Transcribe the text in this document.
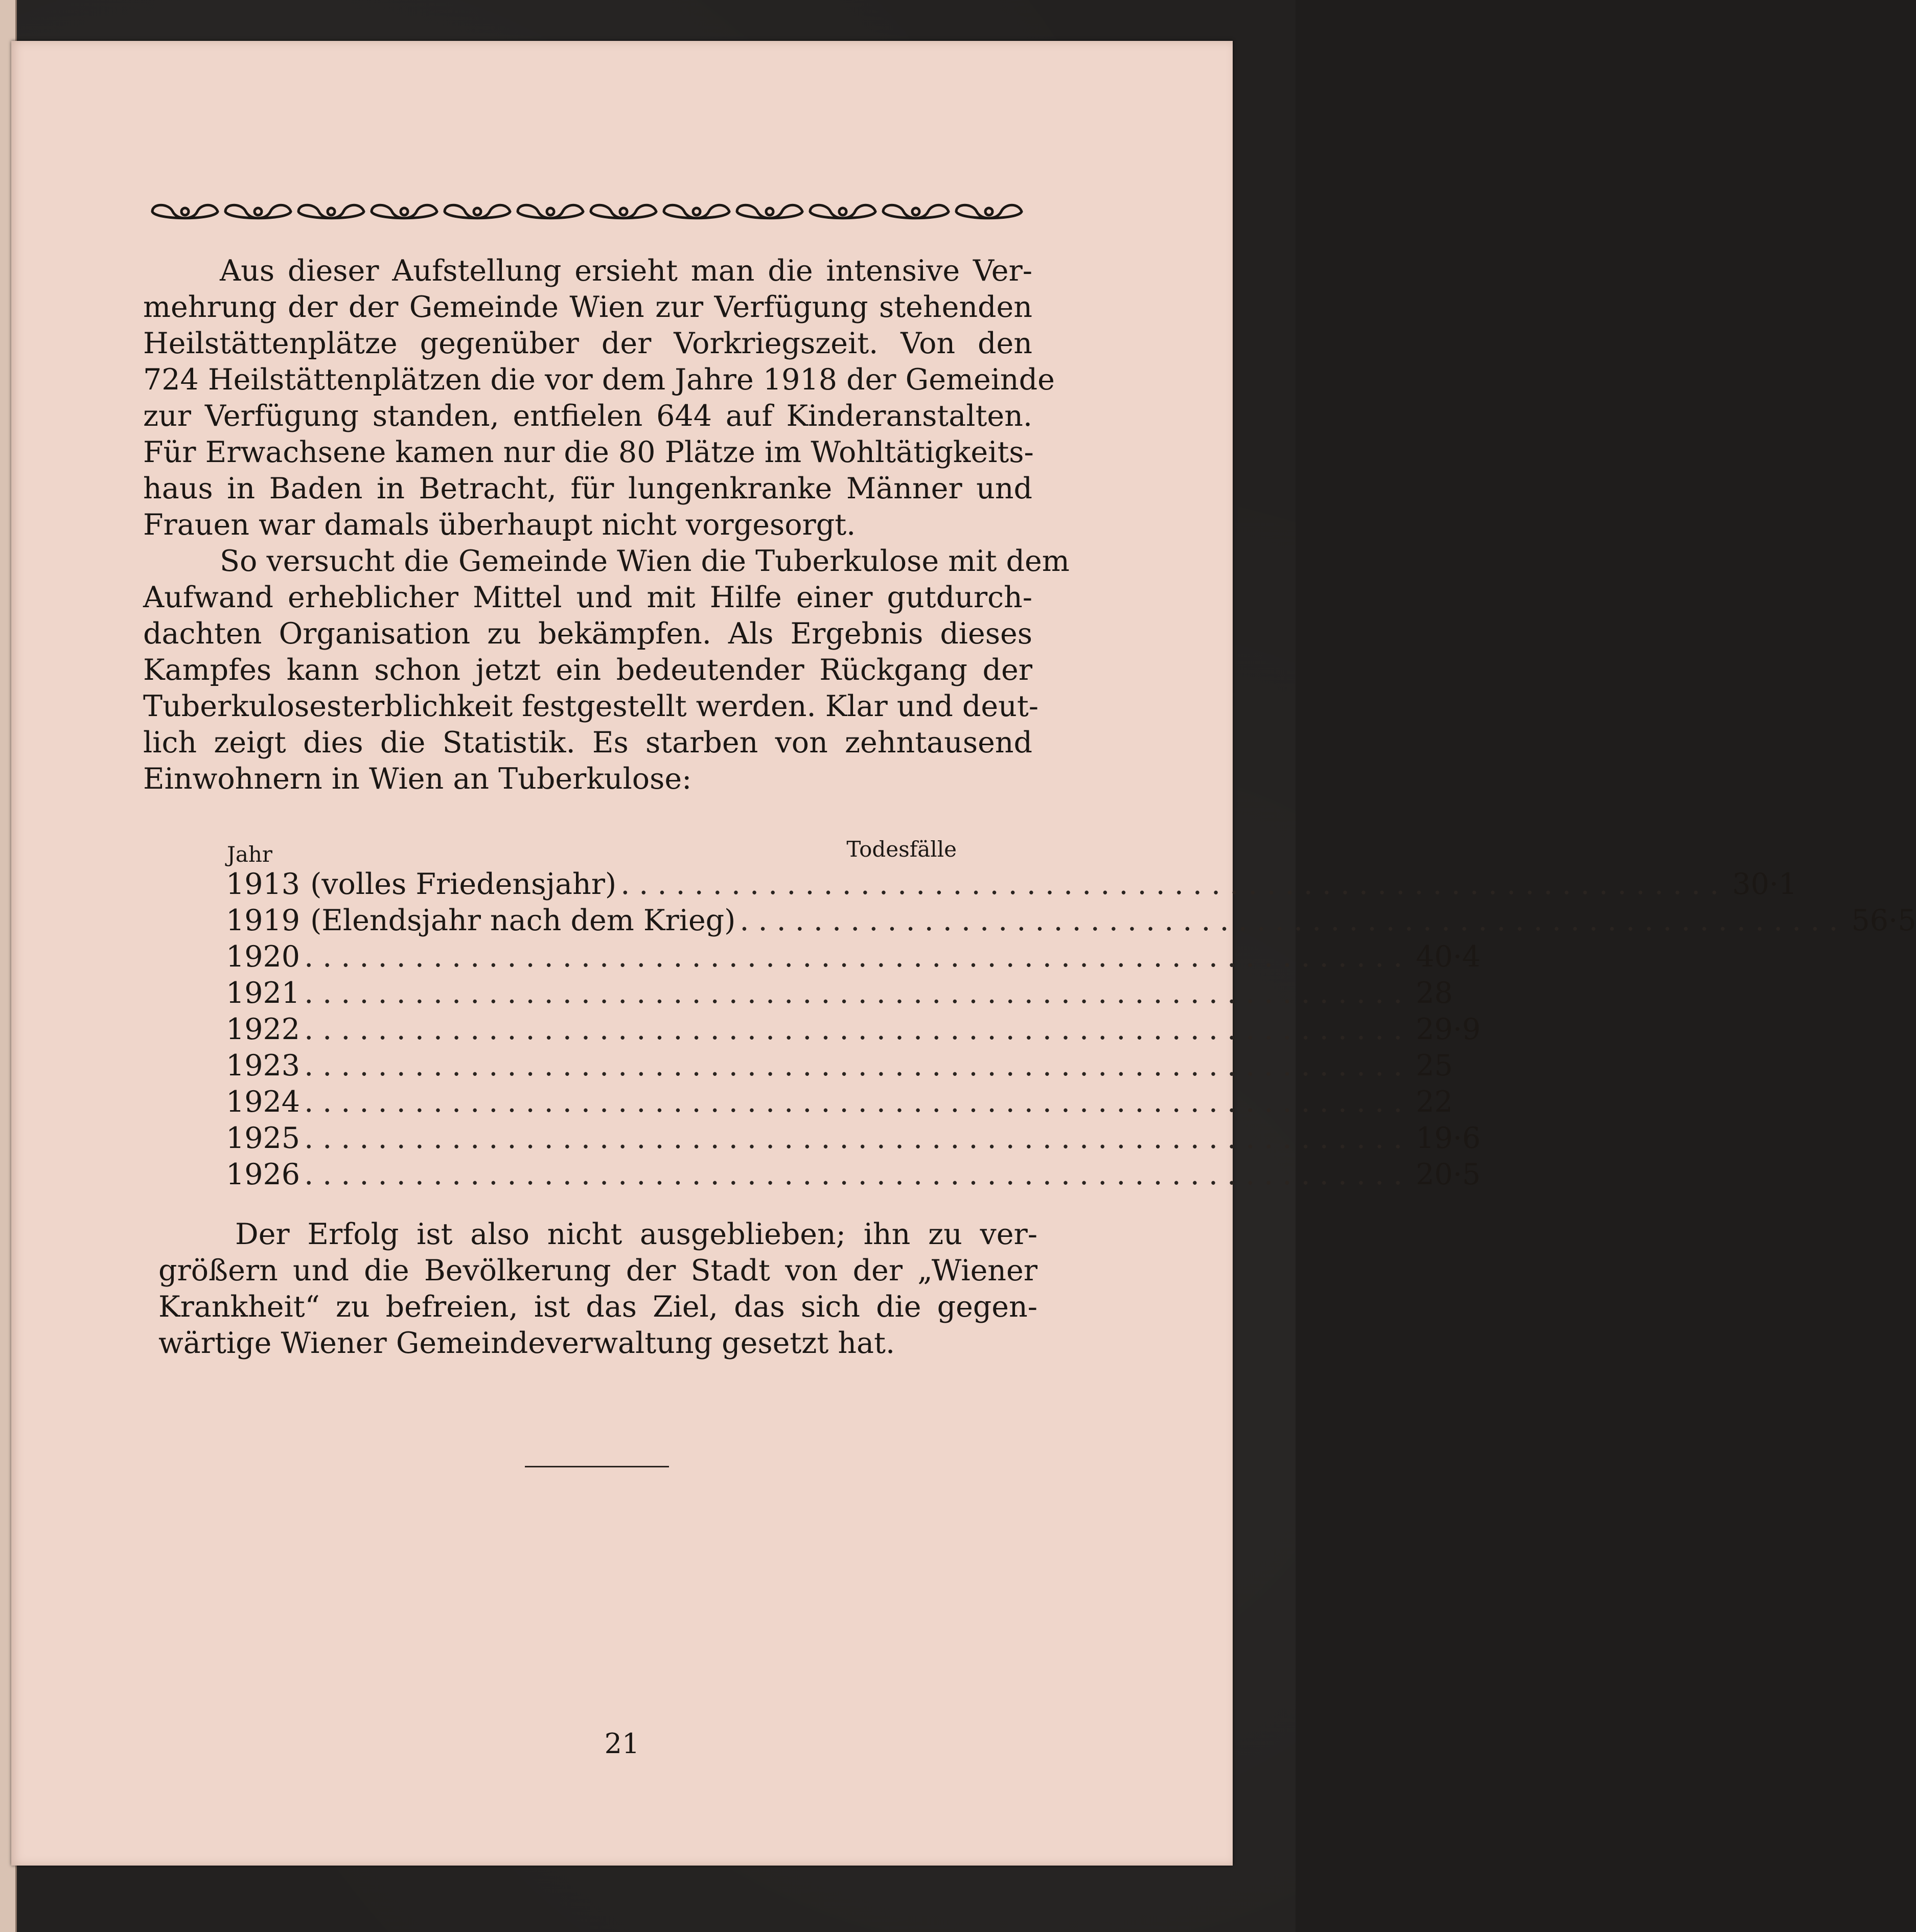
Aus dieser Aufstellung ersieht man die intensive Ver-
mehrung der der Gemeinde Wien zur Verfügung stehenden
Heilstättenplätze gegenüber der Vorkriegszeit. Von den
724 Heilstättenplätzen die vor dem Jahre 1918 der Gemeinde
zur Verfügung standen, entfielen 644 auf Kinderanstalten.
Für Erwachsene kamen nur die 80 Plätze im Wohltätigkeits-
haus in Baden in Betracht, für lungenkranke Männer und
Frauen war damals überhaupt nicht vorgesorgt.

So versucht die Gemeinde Wien die Tuberkulose mit dem
Aufwand erheblicher Mittel und mit Hilfe einer gutdurch-
dachten Organisation zu bekämpfen. Als Ergebnis dieses
Kampfes kann schon jetzt ein bedeutender Rückgang der
Tuberkulosesterblichkeit festgestellt werden. Klar und deut-
lich zeigt dies die Statistik. Es starben von zehntausend
Einwohnern in Wien an Tuberkulose:

Jahr	Todesfälle
1913 (volles Friedensjahr) ............................................................ 30·1
1919 (Elendsjahr nach dem Krieg) ............................................................ 56·5
1920 ............................................................ 40·4
1921 ............................................................ 28
1922 ............................................................ 29·9
1923 ............................................................ 25
1924 ............................................................ 22
1925 ............................................................ 19·6
1926 ............................................................ 20·5

Der Erfolg ist also nicht ausgeblieben; ihn zu ver-
größern und die Bevölkerung der Stadt von der „Wiener
Krankheit“ zu befreien, ist das Ziel, das sich die gegen-
wärtige Wiener Gemeindeverwaltung gesetzt hat.

21
